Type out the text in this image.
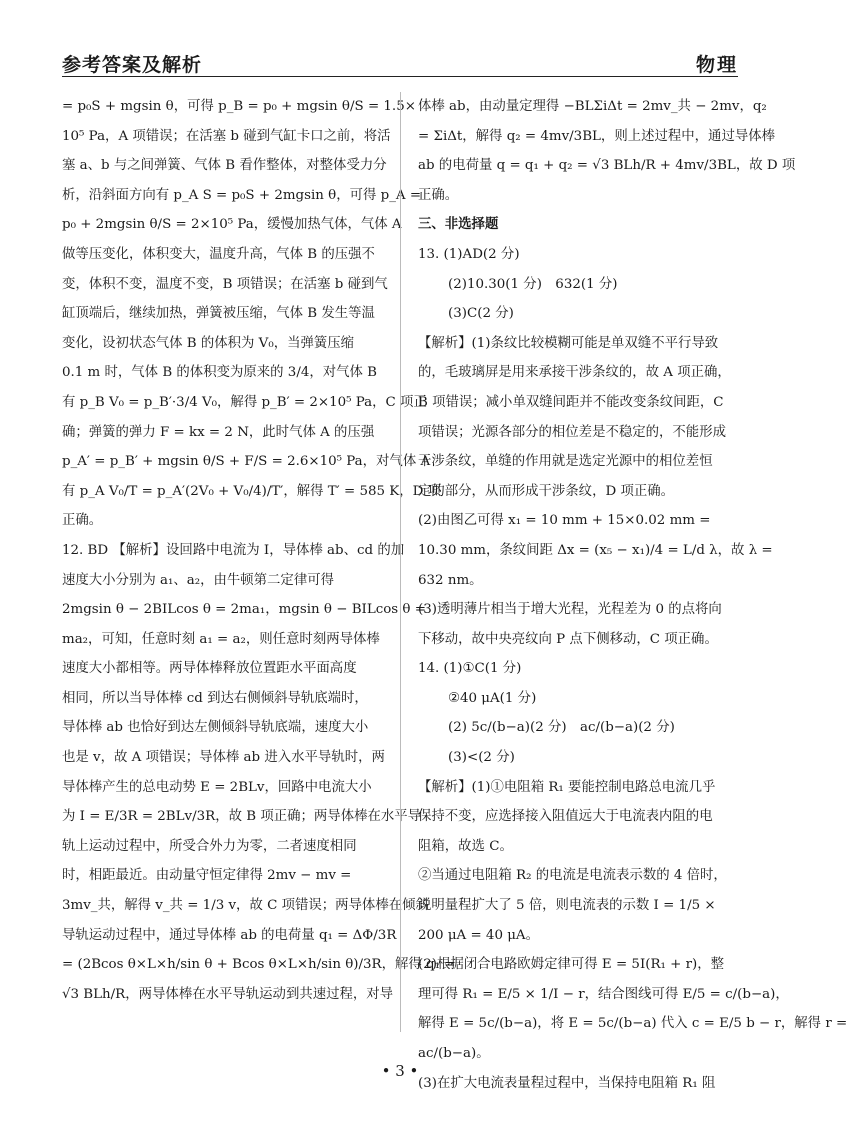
参考答案及解析	物理
= p₀S + mgsin θ，可得 p_B = p₀ + mgsin θ/S = 1.5×
10⁵ Pa，A 项错误；在活塞 b 碰到气缸卡口之前，将活
塞 a、b 与之间弹簧、气体 B 看作整体，对整体受力分
析，沿斜面方向有 p_A S = p₀S + 2mgsin θ，可得 p_A =
p₀ + 2mgsin θ/S = 2×10⁵ Pa，缓慢加热气体，气体 A
做等压变化，体积变大，温度升高，气体 B 的压强不
变，体积不变，温度不变，B 项错误；在活塞 b 碰到气
缸顶端后，继续加热，弹簧被压缩，气体 B 发生等温
变化，设初状态气体 B 的体积为 V₀，当弹簧压缩
0.1 m 时，气体 B 的体积变为原来的 3/4，对气体 B
有 p_B V₀ = p_B′·3/4 V₀，解得 p_B′ = 2×10⁵ Pa，C 项正
确；弹簧的弹力 F = kx = 2 N，此时气体 A 的压强
p_A′ = p_B′ + mgsin θ/S + F/S = 2.6×10⁵ Pa，对气体 A
有 p_A V₀/T = p_A′(2V₀ + V₀/4)/T′，解得 T′ = 585 K，D 项
正确。
12. BD 【解析】设回路中电流为 I，导体棒 ab、cd 的加
速度大小分别为 a₁、a₂，由牛顿第二定律可得
2mgsin θ − 2BILcos θ = 2ma₁，mgsin θ − BILcos θ =
ma₂，可知，任意时刻 a₁ = a₂，则任意时刻两导体棒
速度大小都相等。两导体棒释放位置距水平面高度
相同，所以当导体棒 cd 到达右侧倾斜导轨底端时，
导体棒 ab 也恰好到达左侧倾斜导轨底端，速度大小
也是 v，故 A 项错误；导体棒 ab 进入水平导轨时，两
导体棒产生的总电动势 E = 2BLv，回路中电流大小
为 I = E/3R = 2BLv/3R，故 B 项正确；两导体棒在水平导
轨上运动过程中，所受合外力为零，二者速度相同
时，相距最近。由动量守恒定律得 2mv − mv =
3mv_共，解得 v_共 = 1/3 v，故 C 项错误；两导体棒在倾斜
导轨运动过程中，通过导体棒 ab 的电荷量 q₁ = ΔΦ/3R
= (2Bcos θ×L×h/sin θ + Bcos θ×L×h/sin θ)/3R，解得 q₁ =
√3 BLh/R，两导体棒在水平导轨运动到共速过程，对导
体棒 ab，由动量定理得 −BLΣiΔt = 2mv_共 − 2mv，q₂
= ΣiΔt，解得 q₂ = 4mv/3BL，则上述过程中，通过导体棒
ab 的电荷量 q = q₁ + q₂ = √3 BLh/R + 4mv/3BL，故 D 项
正确。
三、非选择题
13. (1)AD(2 分)
(2)10.30(1 分)　632(1 分)
(3)C(2 分)
【解析】(1)条纹比较模糊可能是单双缝不平行导致
的，毛玻璃屏是用来承接干涉条纹的，故 A 项正确，
B 项错误；减小单双缝间距并不能改变条纹间距，C
项错误；光源各部分的相位差是不稳定的，不能形成
干涉条纹，单缝的作用就是选定光源中的相位差恒
定的部分，从而形成干涉条纹，D 项正确。
(2)由图乙可得 x₁ = 10 mm + 15×0.02 mm =
10.30 mm，条纹间距 Δx = (x₅ − x₁)/4 = L/d λ，故 λ =
632 nm。
(3)透明薄片相当于增大光程，光程差为 0 的点将向
下移动，故中央亮纹向 P 点下侧移动，C 项正确。
14. (1)①C(1 分)
②40 μA(1 分)
(2) 5c/(b−a)(2 分)　ac/(b−a)(2 分)
(3)<(2 分)
【解析】(1)①电阻箱 R₁ 要能控制电路总电流几乎
保持不变，应选择接入阻值远大于电流表内阻的电
阻箱，故选 C。
②当通过电阻箱 R₂ 的电流是电流表示数的 4 倍时，
说明量程扩大了 5 倍，则电流表的示数 I = 1/5 ×
200 μA = 40 μA。
(2)根据闭合电路欧姆定律可得 E = 5I(R₁ + r)，整
理可得 R₁ = E/5 × 1/I − r，结合图线可得 E/5 = c/(b−a)，
解得 E = 5c/(b−a)，将 E = 5c/(b−a) 代入 c = E/5 b − r，解得 r =
ac/(b−a)。
(3)在扩大电流表量程过程中，当保持电阻箱 R₁ 阻
• 3 •
